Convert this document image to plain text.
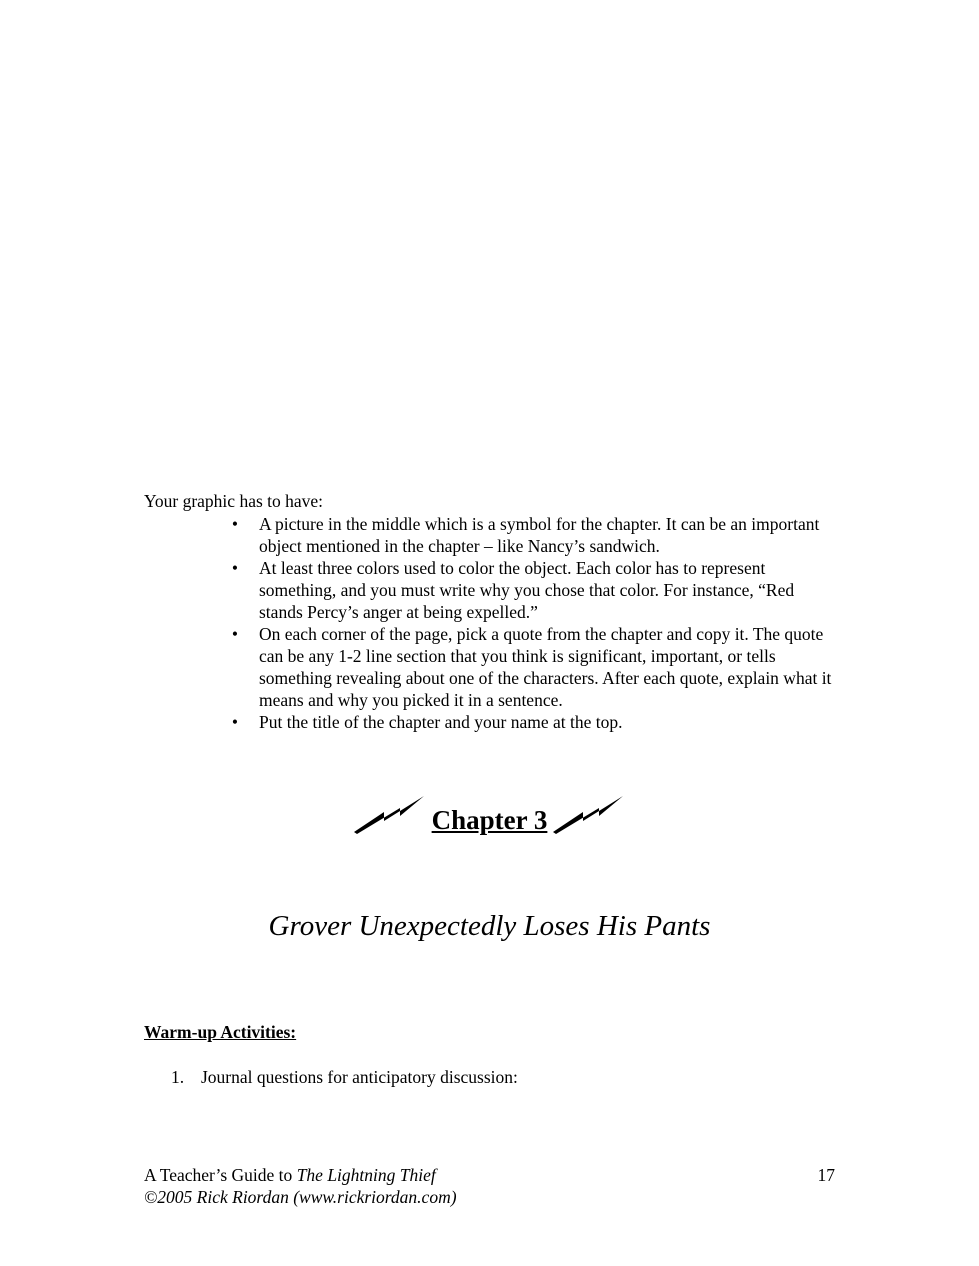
Your graphic has to have:

• A picture in the middle which is a symbol for the chapter. It can be an important object mentioned in the chapter – like Nancy’s sandwich.
• At least three colors used to color the object. Each color has to represent something, and you must write why you chose that color. For instance, “Red stands Percy’s anger at being expelled.”
• On each corner of the page, pick a quote from the chapter and copy it. The quote can be any 1-2 line section that you think is significant, important, or tells something revealing about one of the characters. After each quote, explain what it means and why you picked it in a sentence.
• Put the title of the chapter and your name at the top.
Chapter 3
Grover Unexpectedly Loses His Pants
Warm-up Activities:
1. Journal questions for anticipatory discussion:
A Teacher’s Guide to The Lightning Thief
©2005 Rick Riordan (www.rickriordan.com)
17
